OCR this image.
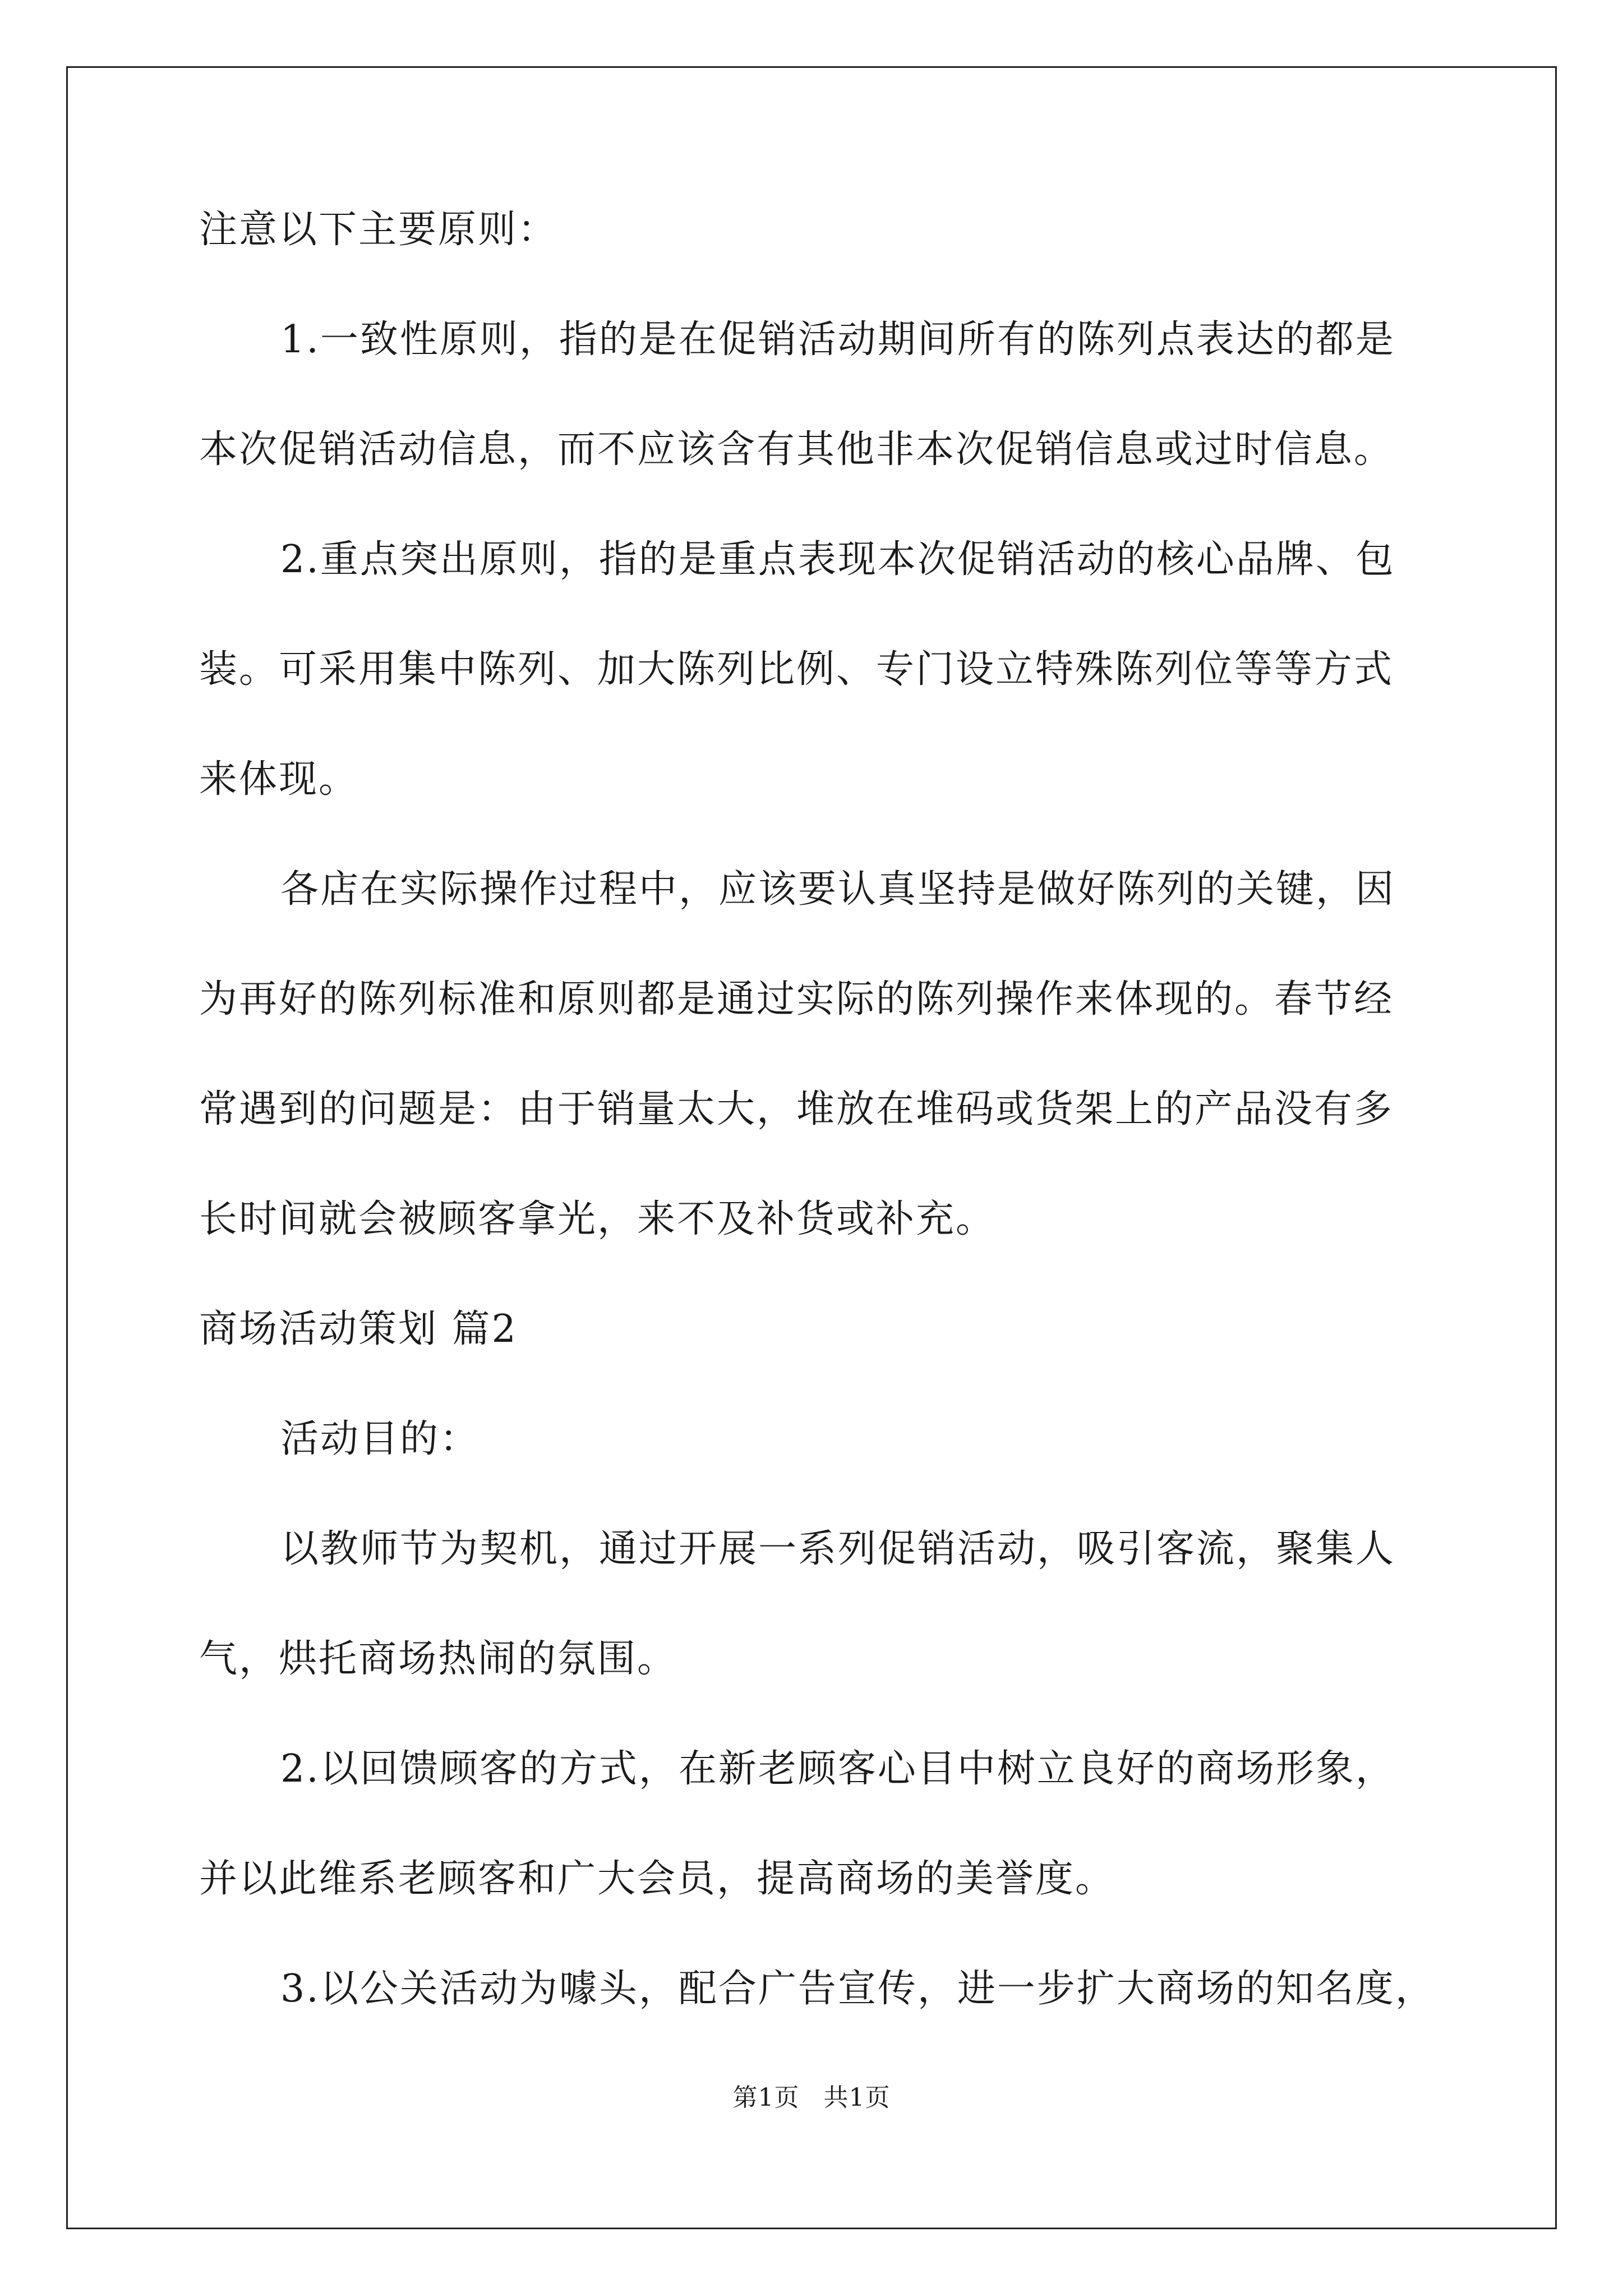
注意以下主要原则：
1.一致性原则，指的是在促销活动期间所有的陈列点表达的都是
本次促销活动信息，而不应该含有其他非本次促销信息或过时信息。
2.重点突出原则，指的是重点表现本次促销活动的核心品牌、包
装。可采用集中陈列、加大陈列比例、专门设立特殊陈列位等等方式
来体现。
各店在实际操作过程中，应该要认真坚持是做好陈列的关键，因
为再好的陈列标准和原则都是通过实际的陈列操作来体现的。春节经
常遇到的问题是：由于销量太大，堆放在堆码或货架上的产品没有多
长时间就会被顾客拿光，来不及补货或补充。
商场活动策划 篇2
活动目的：
以教师节为契机，通过开展一系列促销活动，吸引客流，聚集人
气，烘托商场热闹的氛围。
2.以回馈顾客的方式，在新老顾客心目中树立良好的商场形象，
并以此维系老顾客和广大会员，提高商场的美誉度。
3.以公关活动为噱头，配合广告宣传，进一步扩大商场的知名度，
第1页 共1页
